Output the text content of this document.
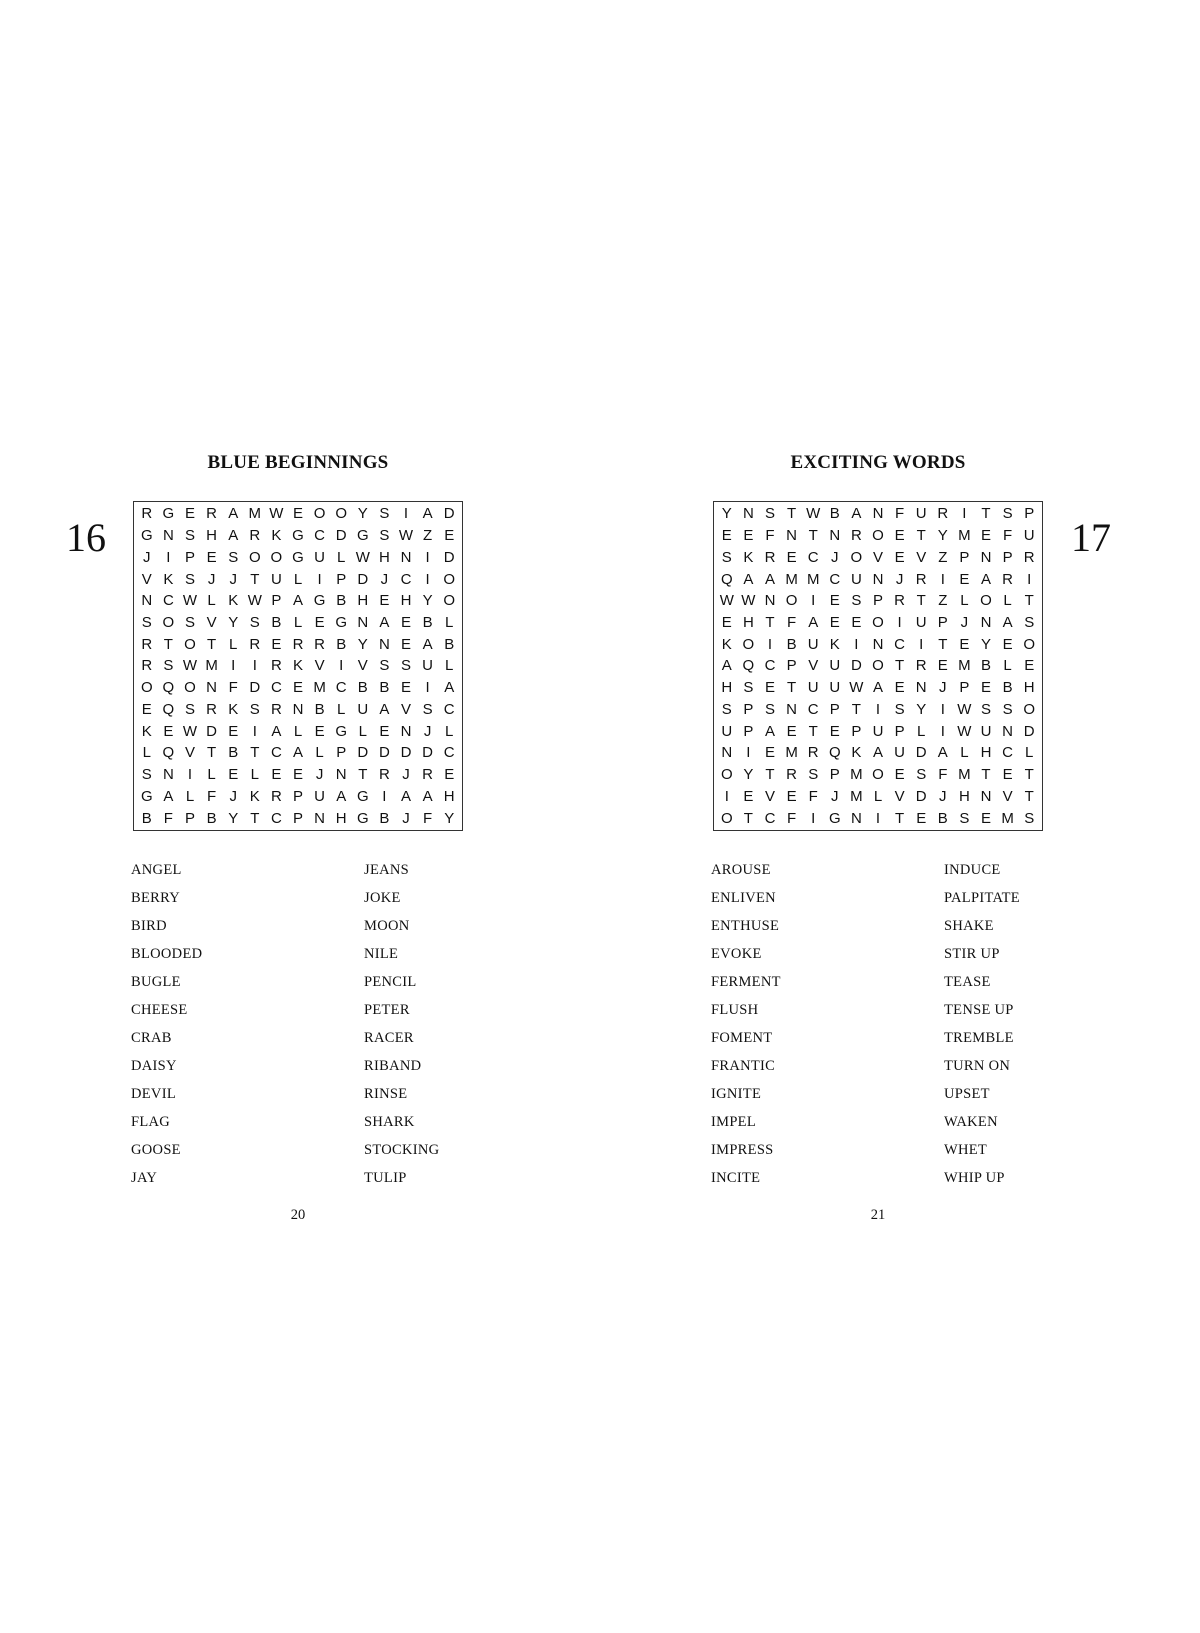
BLUE BEGINNINGS
16
R G E R A M W E O O Y S I A D
G N S H A R K G C D G S W Z E
J	I P E S O O G U L W H N I D
V K S J J T U L	I P D J C I O
N C W L K W P A G B H E H Y O
S O S V Y S B L E G N A E B L
R T O T L R E R R B Y N E A B
R S W M I	I R K V I V S S U L
O Q O N F D C E M C B B E I A
E Q S R K S R N B L U A V S C
K E W D E I A L E G L E N J L
L Q V T B T C A L P D D D D C
S N I	L E L E E J N T R J R E
G A L F J K R P U A G I A A H
B F P B Y T C P N H G B J F Y
ANGEL	JEANS
BERRY	JOKE
BIRD	MOON
BLOODED	NILE
BUGLE	PENCIL
CHEESE	PETER
CRAB	RACER
DAISY	RIBAND
DEVIL	RINSE
FLAG	SHARK
GOOSE	STOCKING
JAY	TULIP
20
EXCITING WORDS
17
Y N S T W B A N F U R I T S P
E E F N T N R O E T Y M E F U
S K R E C J O V E V Z P N P R
Q A A M M C U N J R I E A R I
W W N O I E S P R T Z L O L T
E H T F A E E O I U P J N A S
K O I B U K I N C I T E Y E O
A Q C P V U D O T R E M B L E
H S E T U U W A E N J P E B H
S P S N C P T I S Y I W S S O
U P A E T E P U P L	I W U N D
N I E M R Q K A U D A L H C L
O Y T R S P M O E S F M T E T
I E V E F J M L V D J H N V T
O T C F I G N I T E B S E M S
AROUSE	INDUCE
ENLIVEN	PALPITATE
ENTHUSE	SHAKE
EVOKE	STIR UP
FERMENT	TEASE
FLUSH	TENSE UP
FOMENT	TREMBLE
FRANTIC	TURN ON
IGNITE	UPSET
IMPEL	WAKEN
IMPRESS	WHET
INCITE	WHIP UP
21
